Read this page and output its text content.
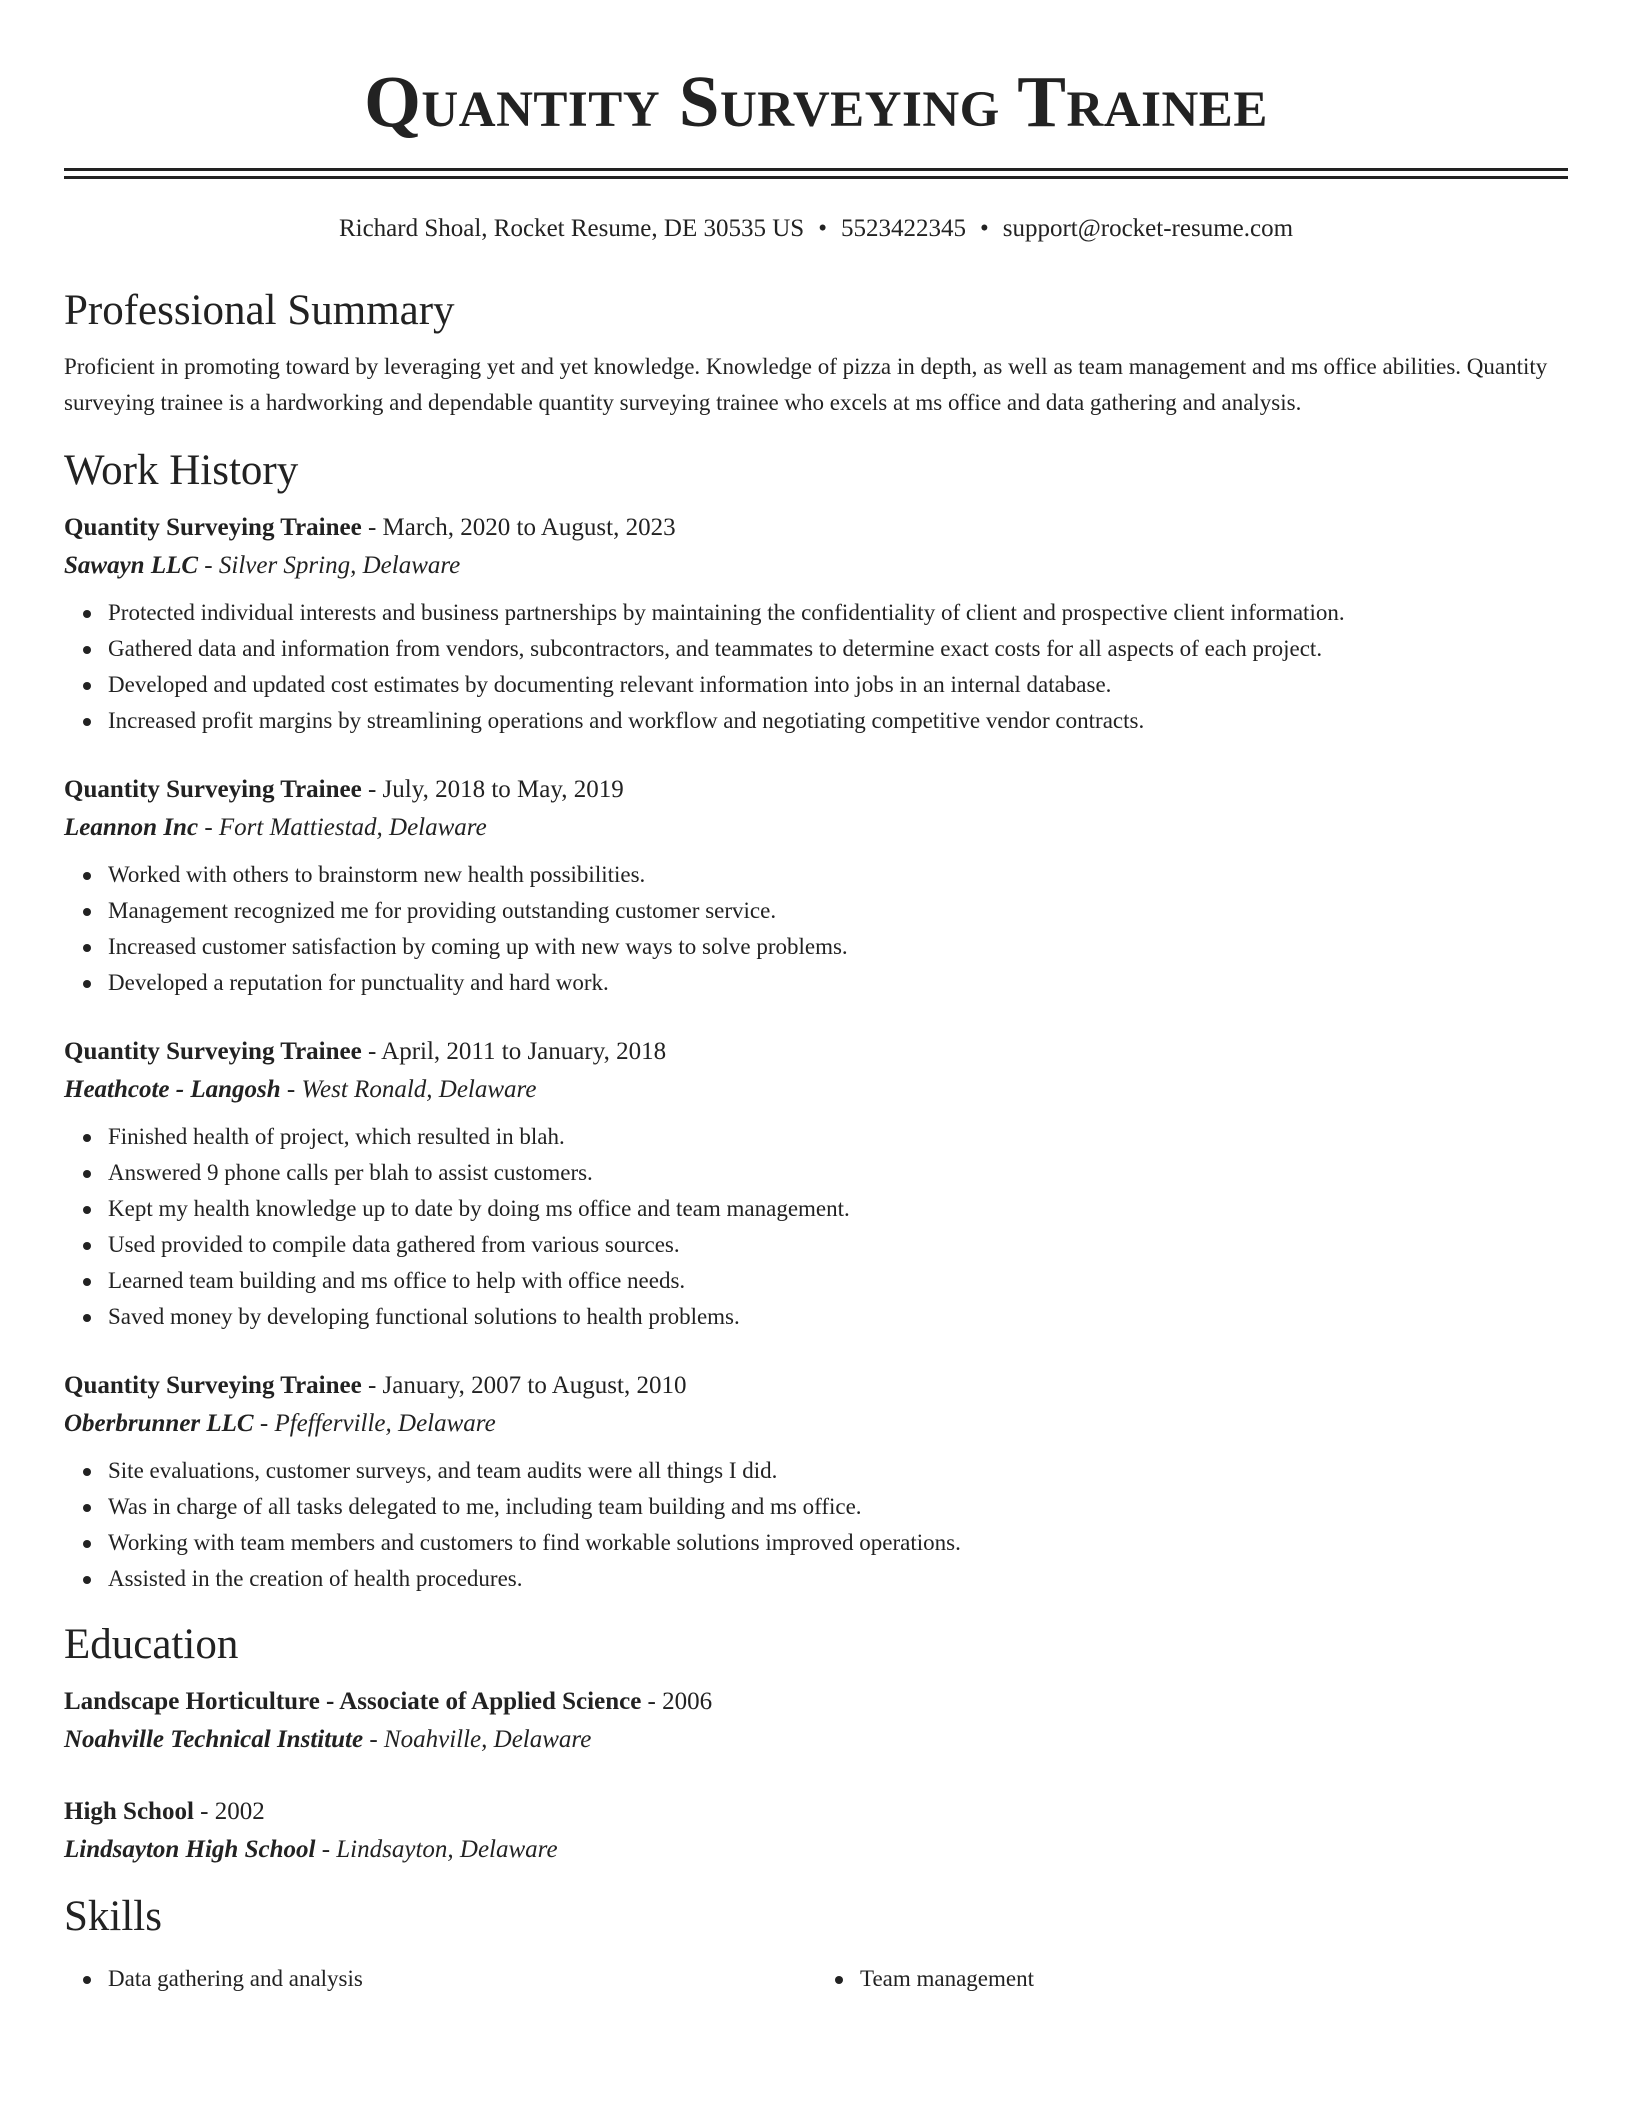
Quantity Surveying Trainee
Richard Shoal, Rocket Resume, DE 30535 US • 5523422345 • support@rocket-resume.com
Professional Summary

Proficient in promoting toward by leveraging yet and yet knowledge. Knowledge of pizza in depth, as well as team management and ms office abilities. Quantity surveying trainee is a hardworking and dependable quantity surveying trainee who excels at ms office and data gathering and analysis.

Work History
Quantity Surveying Trainee - March, 2020 to August, 2023
Sawayn LLC - Silver Spring, Delaware
Protected individual interests and business partnerships by maintaining the confidentiality of client and prospective client information.
Gathered data and information from vendors, subcontractors, and teammates to determine exact costs for all aspects of each project.
Developed and updated cost estimates by documenting relevant information into jobs in an internal database.
Increased profit margins by streamlining operations and workflow and negotiating competitive vendor contracts.
Quantity Surveying Trainee - July, 2018 to May, 2019
Leannon Inc - Fort Mattiestad, Delaware
Worked with others to brainstorm new health possibilities.
Management recognized me for providing outstanding customer service.
Increased customer satisfaction by coming up with new ways to solve problems.
Developed a reputation for punctuality and hard work.
Quantity Surveying Trainee - April, 2011 to January, 2018
Heathcote - Langosh - West Ronald, Delaware
Finished health of project, which resulted in blah.
Answered 9 phone calls per blah to assist customers.
Kept my health knowledge up to date by doing ms office and team management.
Used provided to compile data gathered from various sources.
Learned team building and ms office to help with office needs.
Saved money by developing functional solutions to health problems.
Quantity Surveying Trainee - January, 2007 to August, 2010
Oberbrunner LLC - Pfefferville, Delaware
Site evaluations, customer surveys, and team audits were all things I did.
Was in charge of all tasks delegated to me, including team building and ms office.
Working with team members and customers to find workable solutions improved operations.
Assisted in the creation of health procedures.
Education
Landscape Horticulture - Associate of Applied Science - 2006
Noahville Technical Institute - Noahville, Delaware
High School - 2002
Lindsayton High School - Lindsayton, Delaware
Skills
Data gathering and analysis	Team management
